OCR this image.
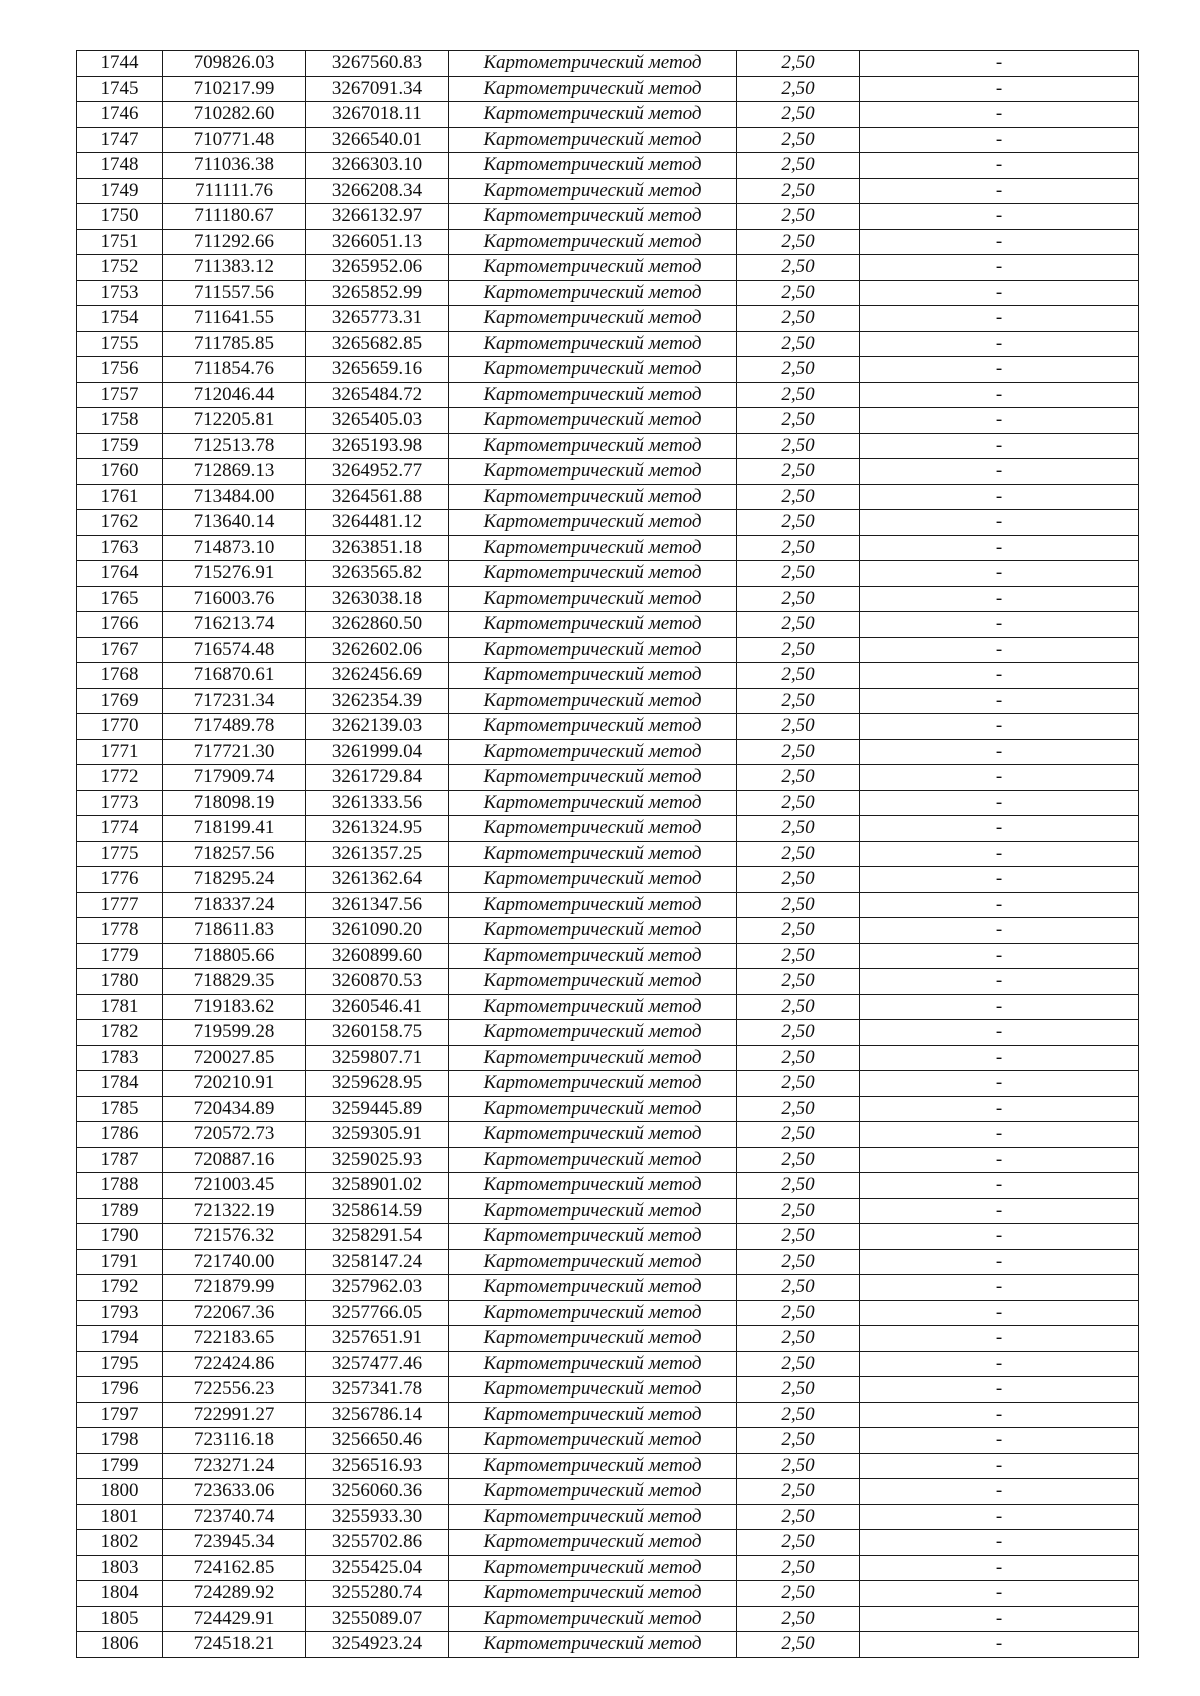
1744	709826.03	3267560.83	Картометрический метод	2,50	-
1745	710217.99	3267091.34	Картометрический метод	2,50	-
1746	710282.60	3267018.11	Картометрический метод	2,50	-
1747	710771.48	3266540.01	Картометрический метод	2,50	-
1748	711036.38	3266303.10	Картометрический метод	2,50	-
1749	711111.76	3266208.34	Картометрический метод	2,50	-
1750	711180.67	3266132.97	Картометрический метод	2,50	-
1751	711292.66	3266051.13	Картометрический метод	2,50	-
1752	711383.12	3265952.06	Картометрический метод	2,50	-
1753	711557.56	3265852.99	Картометрический метод	2,50	-
1754	711641.55	3265773.31	Картометрический метод	2,50	-
1755	711785.85	3265682.85	Картометрический метод	2,50	-
1756	711854.76	3265659.16	Картометрический метод	2,50	-
1757	712046.44	3265484.72	Картометрический метод	2,50	-
1758	712205.81	3265405.03	Картометрический метод	2,50	-
1759	712513.78	3265193.98	Картометрический метод	2,50	-
1760	712869.13	3264952.77	Картометрический метод	2,50	-
1761	713484.00	3264561.88	Картометрический метод	2,50	-
1762	713640.14	3264481.12	Картометрический метод	2,50	-
1763	714873.10	3263851.18	Картометрический метод	2,50	-
1764	715276.91	3263565.82	Картометрический метод	2,50	-
1765	716003.76	3263038.18	Картометрический метод	2,50	-
1766	716213.74	3262860.50	Картометрический метод	2,50	-
1767	716574.48	3262602.06	Картометрический метод	2,50	-
1768	716870.61	3262456.69	Картометрический метод	2,50	-
1769	717231.34	3262354.39	Картометрический метод	2,50	-
1770	717489.78	3262139.03	Картометрический метод	2,50	-
1771	717721.30	3261999.04	Картометрический метод	2,50	-
1772	717909.74	3261729.84	Картометрический метод	2,50	-
1773	718098.19	3261333.56	Картометрический метод	2,50	-
1774	718199.41	3261324.95	Картометрический метод	2,50	-
1775	718257.56	3261357.25	Картометрический метод	2,50	-
1776	718295.24	3261362.64	Картометрический метод	2,50	-
1777	718337.24	3261347.56	Картометрический метод	2,50	-
1778	718611.83	3261090.20	Картометрический метод	2,50	-
1779	718805.66	3260899.60	Картометрический метод	2,50	-
1780	718829.35	3260870.53	Картометрический метод	2,50	-
1781	719183.62	3260546.41	Картометрический метод	2,50	-
1782	719599.28	3260158.75	Картометрический метод	2,50	-
1783	720027.85	3259807.71	Картометрический метод	2,50	-
1784	720210.91	3259628.95	Картометрический метод	2,50	-
1785	720434.89	3259445.89	Картометрический метод	2,50	-
1786	720572.73	3259305.91	Картометрический метод	2,50	-
1787	720887.16	3259025.93	Картометрический метод	2,50	-
1788	721003.45	3258901.02	Картометрический метод	2,50	-
1789	721322.19	3258614.59	Картометрический метод	2,50	-
1790	721576.32	3258291.54	Картометрический метод	2,50	-
1791	721740.00	3258147.24	Картометрический метод	2,50	-
1792	721879.99	3257962.03	Картометрический метод	2,50	-
1793	722067.36	3257766.05	Картометрический метод	2,50	-
1794	722183.65	3257651.91	Картометрический метод	2,50	-
1795	722424.86	3257477.46	Картометрический метод	2,50	-
1796	722556.23	3257341.78	Картометрический метод	2,50	-
1797	722991.27	3256786.14	Картометрический метод	2,50	-
1798	723116.18	3256650.46	Картометрический метод	2,50	-
1799	723271.24	3256516.93	Картометрический метод	2,50	-
1800	723633.06	3256060.36	Картометрический метод	2,50	-
1801	723740.74	3255933.30	Картометрический метод	2,50	-
1802	723945.34	3255702.86	Картометрический метод	2,50	-
1803	724162.85	3255425.04	Картометрический метод	2,50	-
1804	724289.92	3255280.74	Картометрический метод	2,50	-
1805	724429.91	3255089.07	Картометрический метод	2,50	-
1806	724518.21	3254923.24	Картометрический метод	2,50	-
